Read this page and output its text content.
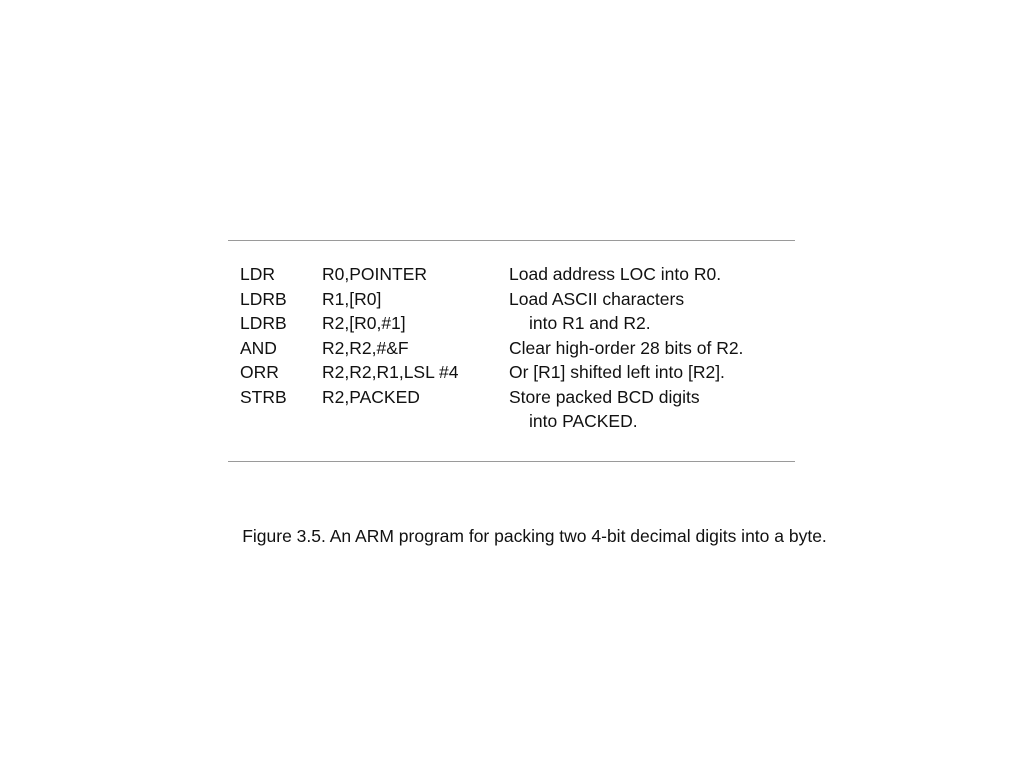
LDR	R0,POINTER	Load address LOC into R0.
LDRB R1,[R0]	Load ASCII characters
LDRB R2,[R0,#1]	into R1 and R2.
AND	R2,R2,#&F	Clear high-order 28 bits of R2.
ORR R2,R2,R1,LSL #4	Or [R1] shifted left into [R2].
STRB R2,PACKED	Store packed BCD digits
into PACKED.
Figure 3.5. An ARM program for packing two 4-bit decimal digits into a byte.
